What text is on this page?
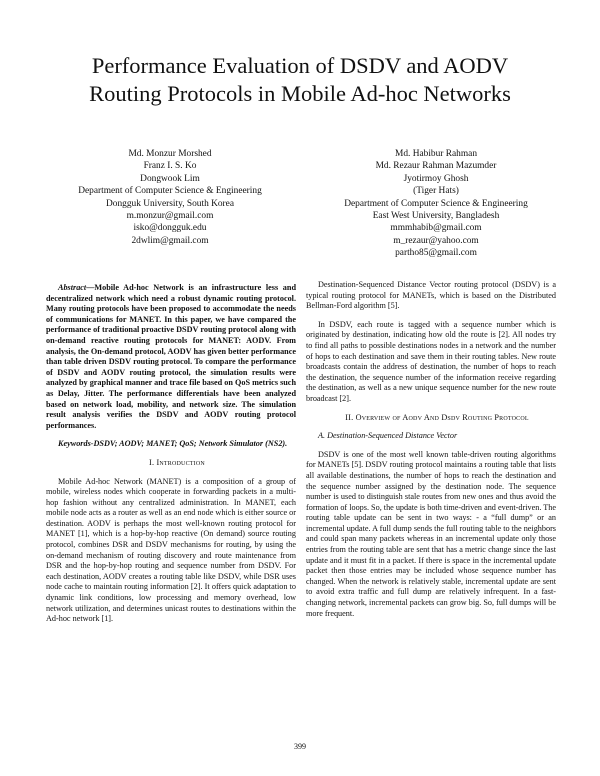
Performance Evaluation of DSDV and AODV
Routing Protocols in Mobile Ad-hoc Networks
Md. Monzur Morshed
Franz I. S. Ko
Dongwook Lim
Department of Computer Science & Engineering
Dongguk University, South Korea
m.monzur@gmail.com
isko@dongguk.edu
2dwlim@gmail.com
Md. Habibur Rahman
Md. Rezaur Rahman Mazumder
Jyotirmoy Ghosh
(Tiger Hats)
Department of Computer Science & Engineering
East West University, Bangladesh
mmmhabib@gmail.com
m_rezaur@yahoo.com
partho85@gmail.com

Abstract—Mobile Ad-hoc Network is an infrastructure less and decentralized network which need a robust dynamic routing protocol. Many routing protocols have been proposed to accommodate the needs of communications for MANET. In this paper, we have compared the performance of traditional proactive DSDV routing protocol along with on-demand reactive routing protocols for MANET: AODV. From analysis, the On-demand protocol, AODV has given better performance than table driven DSDV routing protocol. To compare the performance of DSDV and AODV routing protocol, the simulation results were analyzed by graphical manner and trace file based on QoS metrics such as Delay, Jitter. The performance differentials have been analyzed based on network load, mobility, and network size. The simulation result analysis verifies the DSDV and AODV routing protocol performances.

Keywords-DSDV; AODV; MANET; QoS; Network Simulator (NS2).

I. Introduction

Mobile Ad-hoc Network (MANET) is a composition of a group of mobile, wireless nodes which cooperate in forwarding packets in a multi-hop fashion without any centralized administration. In MANET, each mobile node acts as a router as well as an end node which is either source or destination. AODV is perhaps the most well-known routing protocol for MANET [1], which is a hop-by-hop reactive (On demand) source routing protocol, combines DSR and DSDV mechanisms for routing, by using the on-demand mechanism of routing discovery and route maintenance from DSR and the hop-by-hop routing and sequence number from DSDV. For each destination, AODV creates a routing table like DSDV, while DSR uses node cache to maintain routing information [2]. It offers quick adaptation to dynamic link conditions, low processing and memory overhead, low network utilization, and determines unicast routes to destinations within the Ad-hoc network [1].

Destination-Sequenced Distance Vector routing protocol (DSDV) is a typical routing protocol for MANETs, which is based on the Distributed Bellman-Ford algorithm [5].

In DSDV, each route is tagged with a sequence number which is originated by destination, indicating how old the route is [2]. All nodes try to find all paths to possible destinations nodes in a network and the number of hops to each destination and save them in their routing tables. New route broadcasts contain the address of destination, the number of hops to reach the destination, the sequence number of the information receive regarding the destination, as well as a new unique sequence number for the new route broadcast [2].

II. Overview of Aodv And Dsdv Routing Protocol

A. Destination-Sequenced Distance Vector

DSDV is one of the most well known table-driven routing algorithms for MANETs [5]. DSDV routing protocol maintains a routing table that lists all available destinations, the number of hops to reach the destination and the sequence number assigned by the destination node. The sequence number is used to distinguish stale routes from new ones and thus avoid the formation of loops. So, the update is both time-driven and event-driven. The routing table update can be sent in two ways: - a “full dump” or an incremental update. A full dump sends the full routing table to the neighbors and could span many packets whereas in an incremental update only those entries from the routing table are sent that has a metric change since the last update and it must fit in a packet. If there is space in the incremental update packet then those entries may be included whose sequence number has changed. When the network is relatively stable, incremental update are sent to avoid extra traffic and full dump are relatively infrequent. In a fast-changing network, incremental packets can grow big. So, full dumps will be more frequent.

399
